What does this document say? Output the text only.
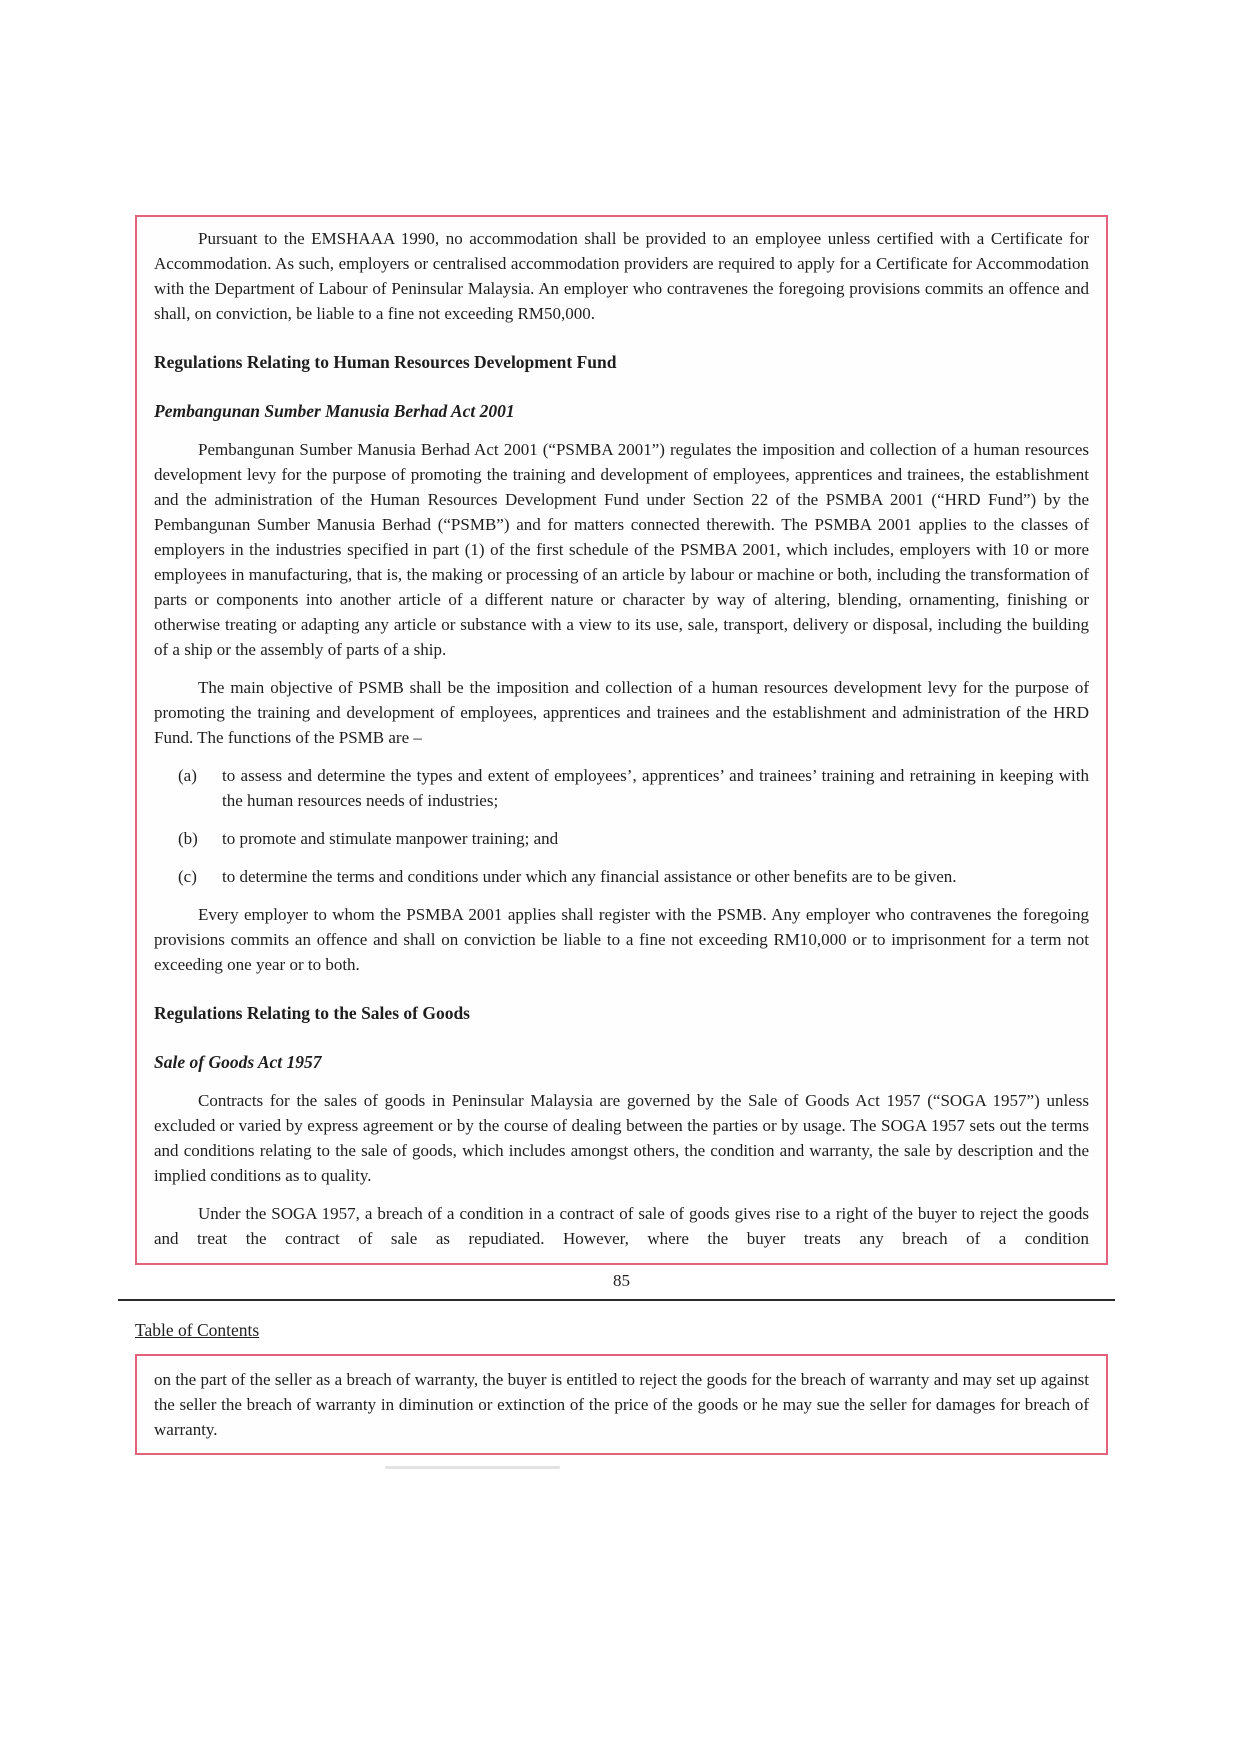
Pursuant to the EMSHAAA 1990, no accommodation shall be provided to an employee unless certified with a Certificate for Accommodation. As such, employers or centralised accommodation providers are required to apply for a Certificate for Accommodation with the Department of Labour of Peninsular Malaysia. An employer who contravenes the foregoing provisions commits an offence and shall, on conviction, be liable to a fine not exceeding RM50,000.

Regulations Relating to Human Resources Development Fund
Pembangunan Sumber Manusia Berhad Act 2001

Pembangunan Sumber Manusia Berhad Act 2001 (“PSMBA 2001”) regulates the imposition and collection of a human resources development levy for the purpose of promoting the training and development of employees, apprentices and trainees, the establishment and the administration of the Human Resources Development Fund under Section 22 of the PSMBA 2001 (“HRD Fund”) by the Pembangunan Sumber Manusia Berhad (“PSMB”) and for matters connected therewith. The PSMBA 2001 applies to the classes of employers in the industries specified in part (1) of the first schedule of the PSMBA 2001, which includes, employers with 10 or more employees in manufacturing, that is, the making or processing of an article by labour or machine or both, including the transformation of parts or components into another article of a different nature or character by way of altering, blending, ornamenting, finishing or otherwise treating or adapting any article or substance with a view to its use, sale, transport, delivery or disposal, including the building of a ship or the assembly of parts of a ship.

The main objective of PSMB shall be the imposition and collection of a human resources development levy for the purpose of promoting the training and development of employees, apprentices and trainees and the establishment and administration of the HRD Fund. The functions of the PSMB are –

(a)	to assess and determine the types and extent of employees’, apprentices’ and trainees’ training and retraining in keeping with the human resources needs of industries;
(b)	to promote and stimulate manpower training; and
(c)	to determine the terms and conditions under which any financial assistance or other benefits are to be given.

Every employer to whom the PSMBA 2001 applies shall register with the PSMB. Any employer who contravenes the foregoing provisions commits an offence and shall on conviction be liable to a fine not exceeding RM10,000 or to imprisonment for a term not exceeding one year or to both.

Regulations Relating to the Sales of Goods
Sale of Goods Act 1957

Contracts for the sales of goods in Peninsular Malaysia are governed by the Sale of Goods Act 1957 (“SOGA 1957”) unless excluded or varied by express agreement or by the course of dealing between the parties or by usage. The SOGA 1957 sets out the terms and conditions relating to the sale of goods, which includes amongst others, the condition and warranty, the sale by description and the implied conditions as to quality.

Under the SOGA 1957, a breach of a condition in a contract of sale of goods gives rise to a right of the buyer to reject the goods and treat the contract of sale as repudiated. However, where the buyer treats any breach of a condition

85
Table of Contents

on the part of the seller as a breach of warranty, the buyer is entitled to reject the goods for the breach of warranty and may set up against the seller the breach of warranty in diminution or extinction of the price of the goods or he may sue the seller for damages for breach of warranty.
